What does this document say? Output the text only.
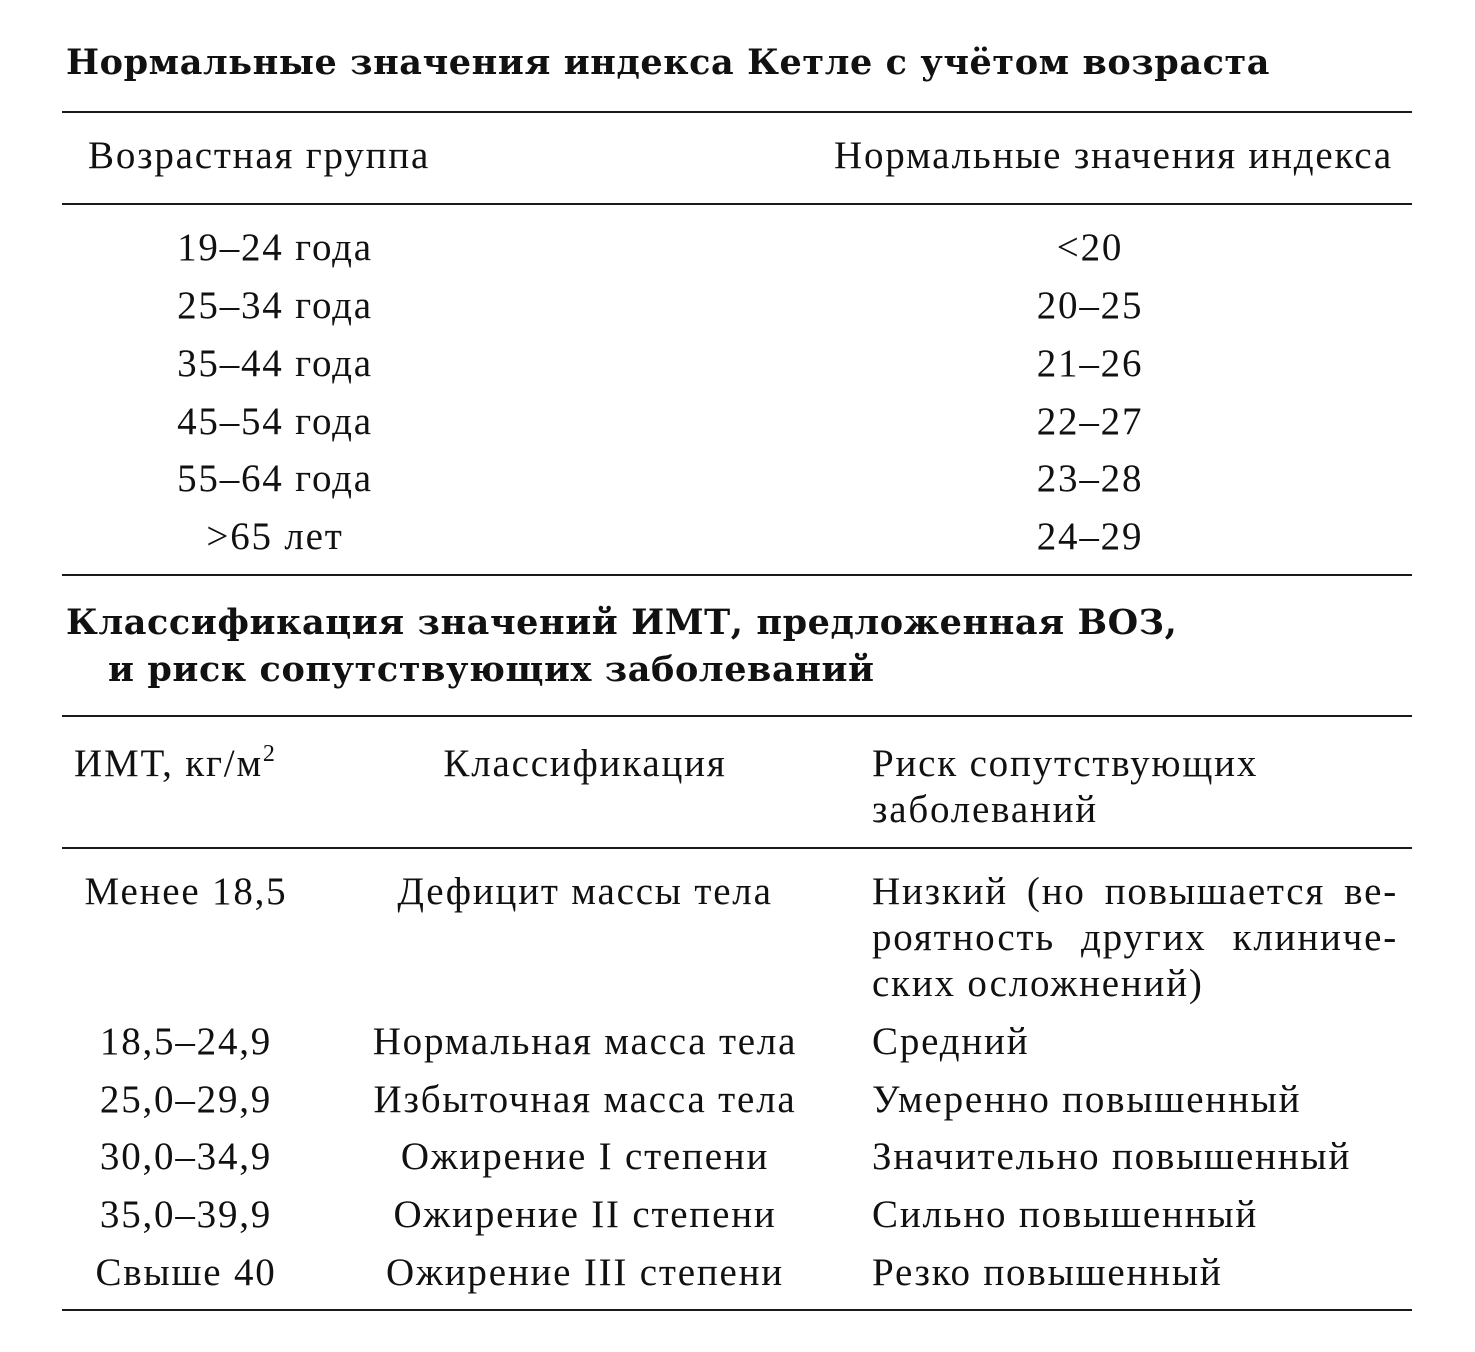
Нормальные значения индекса Кетле с учётом возраста
Возрастная группа	Нормальные значения индекса
19–24 года	<20
25–34 года	20–25
35–44 года	21–26
45–54 года	22–27
55–64 года	23–28
>65 лет	24–29
Классификация значений ИМТ, предложенная ВОЗ,
и риск сопутствующих заболеваний
ИМТ, $кг/м^2$	Классификация	Риск сопутствующих заболеваний
Менее 18,5	Дефицит массы тела	Низкий (но повышается ве-роятность других клиниче-ских осложнений)
18,5–24,9	Нормальная масса тела	Средний
25,0–29,9	Избыточная масса тела	Умеренно повышенный
30,0–34,9	Ожирение I степени	Значительно повышенный
35,0–39,9	Ожирение II степени	Сильно повышенный
Свыше 40	Ожирение III степени	Резко повышенный
